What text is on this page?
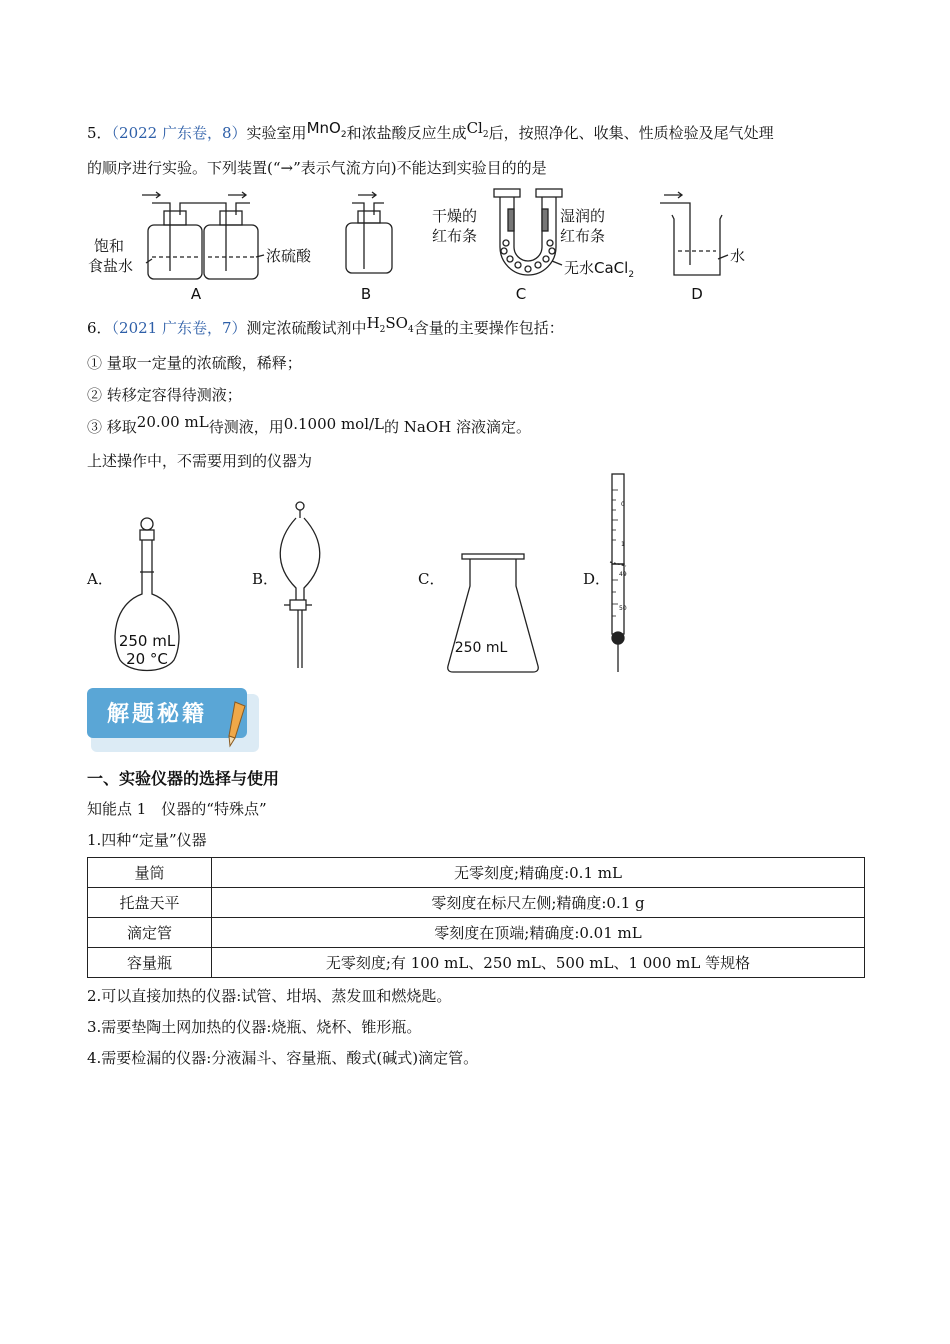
5．（2022 广东卷，8）实验室用MnO$_2$和浓盐酸反应生成$Cl_2$后，按照净化、收集、性质检验及尾气处理
的顺序进行实验。下列装置(“→”表示气流方向)不能达到实验目的的是
饱和
食盐水
浓硫酸
干燥的
红布条
湿润的
红布条
无水CaCl$_2$
水
A	B	C	D
6．（2021 广东卷，7）测定浓硫酸试剂中$H_2SO_4$含量的主要操作包括：
① 量取一定量的浓硫酸，稀释；
② 转移定容得待测液；
③ 移取20.00 mL待测液，用0.1000 mol/L的 NaOH 溶液滴定。
上述操作中，不需要用到的仪器为
A．	B．	C．	D．
250 mL
20 °C
250 mL
0
1
49
50
解题秘籍
一、实验仪器的选择与使用
知能点 1　仪器的“特殊点”
1.四种“定量”仪器
量筒	无零刻度;精确度:0.1 mL
托盘天平	零刻度在标尺左侧;精确度:0.1 g
滴定管	零刻度在顶端;精确度:0.01 mL
容量瓶	无零刻度;有 100 mL、250 mL、500 mL、1 000 mL 等规格
2.可以直接加热的仪器:试管、坩埚、蒸发皿和燃烧匙。
3.需要垫陶土网加热的仪器:烧瓶、烧杯、锥形瓶。
4.需要检漏的仪器:分液漏斗、容量瓶、酸式(碱式)滴定管。
